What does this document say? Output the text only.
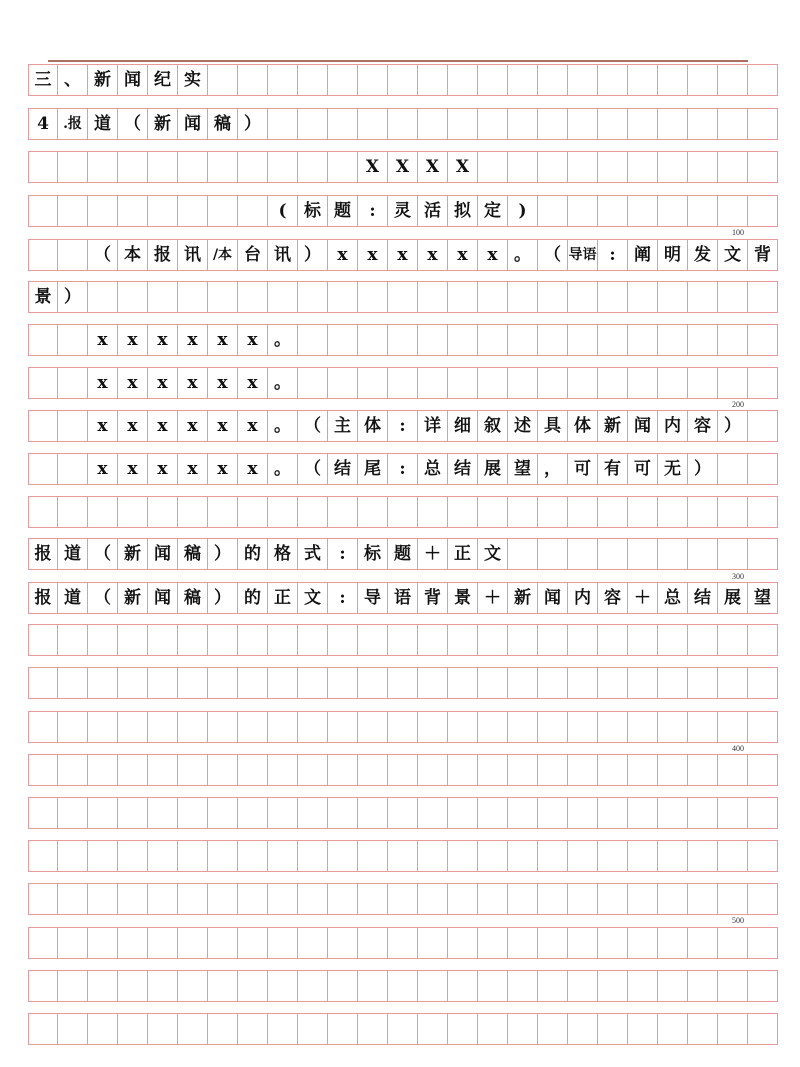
三 、 新 闻 纪 实
4	.报 道 （ 新 闻 稿 ）
X X X X
(	标 题	:	灵 活 拟 定	)
（ 本 报 讯 /本 台 讯 ） x	x	x	x	x	x 。 （ 导语 :	阐 明 发 文 背
景 ）
x	x	x	x	x	x 。
x	x	x	x	x	x 。
x	x	x	x	x	x 。 （ 主 体	:	详 细 叙 述 具 体 新 闻 内 容 ）
x	x	x	x	x	x 。 （ 结 尾	:	总 结 展 望 ， 可 有 可 无 ）
报 道 （ 新 闻 稿 ） 的 格 式	:	标 题 ＋ 正 文
报 道 （ 新 闻 稿 ） 的 正 文	:	导 语 背 景 ＋ 新 闻 内 容 ＋ 总 结 展 望
100
200
300
400
500
